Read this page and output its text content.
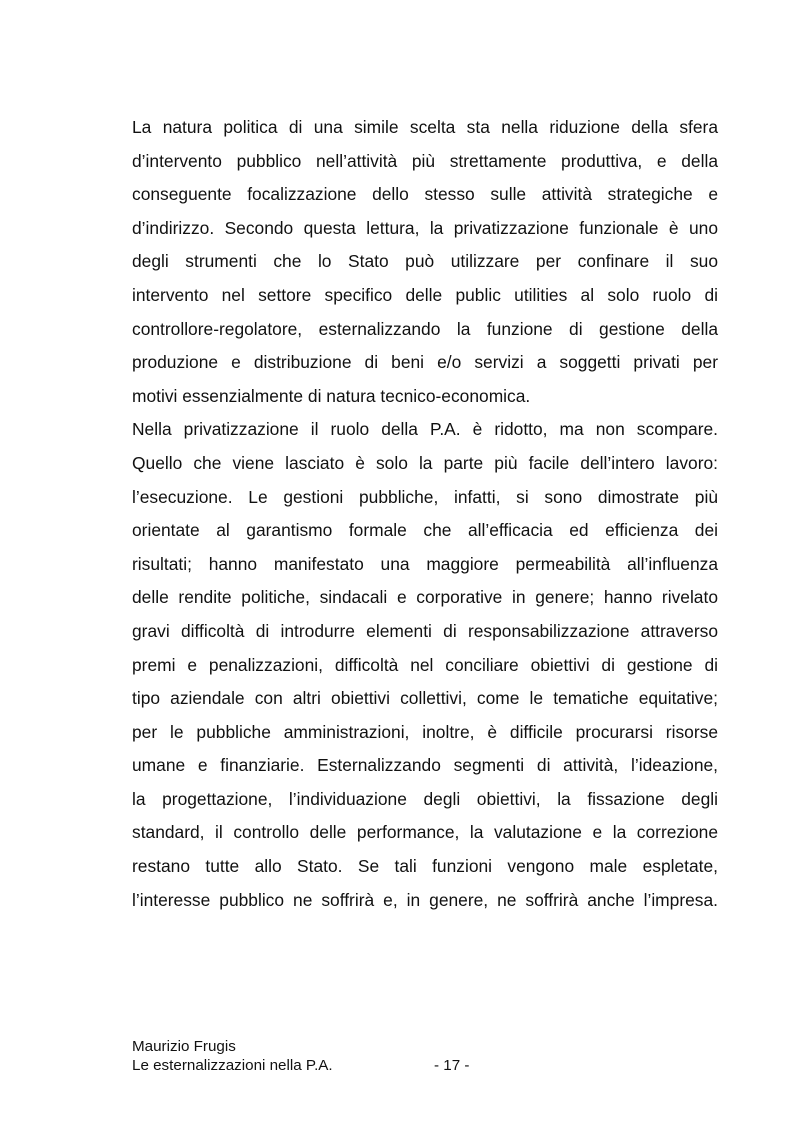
La natura politica di una simile scelta sta nella riduzione della sfera
d’intervento pubblico nell’attività più strettamente produttiva, e della
conseguente focalizzazione dello stesso sulle attività strategiche e
d’indirizzo. Secondo questa lettura, la privatizzazione funzionale è uno
degli strumenti che lo Stato può utilizzare per confinare il suo
intervento nel settore specifico delle public utilities al solo ruolo di
controllore-regolatore, esternalizzando la funzione di gestione della
produzione e distribuzione di beni e/o servizi a soggetti privati per
motivi essenzialmente di natura tecnico-economica.

Nella privatizzazione il ruolo della P.A. è ridotto, ma non scompare.
Quello che viene lasciato è solo la parte più facile dell’intero lavoro:
l’esecuzione. Le gestioni pubbliche, infatti, si sono dimostrate più
orientate al garantismo formale che all’efficacia ed efficienza dei
risultati; hanno manifestato una maggiore permeabilità all’influenza
delle rendite politiche, sindacali e corporative in genere; hanno rivelato
gravi difficoltà di introdurre elementi di responsabilizzazione attraverso
premi e penalizzazioni, difficoltà nel conciliare obiettivi di gestione di
tipo aziendale con altri obiettivi collettivi, come le tematiche equitative;
per le pubbliche amministrazioni, inoltre, è difficile procurarsi risorse
umane e finanziarie. Esternalizzando segmenti di attività, l’ideazione,
la progettazione, l’individuazione degli obiettivi, la fissazione degli
standard, il controllo delle performance, la valutazione e la correzione
restano tutte allo Stato. Se tali funzioni vengono male espletate,
l’interesse pubblico ne soffrirà e, in genere, ne soffrirà anche l’impresa.

Maurizio Frugis
Le esternalizzazioni nella P.A.	- 17 -
